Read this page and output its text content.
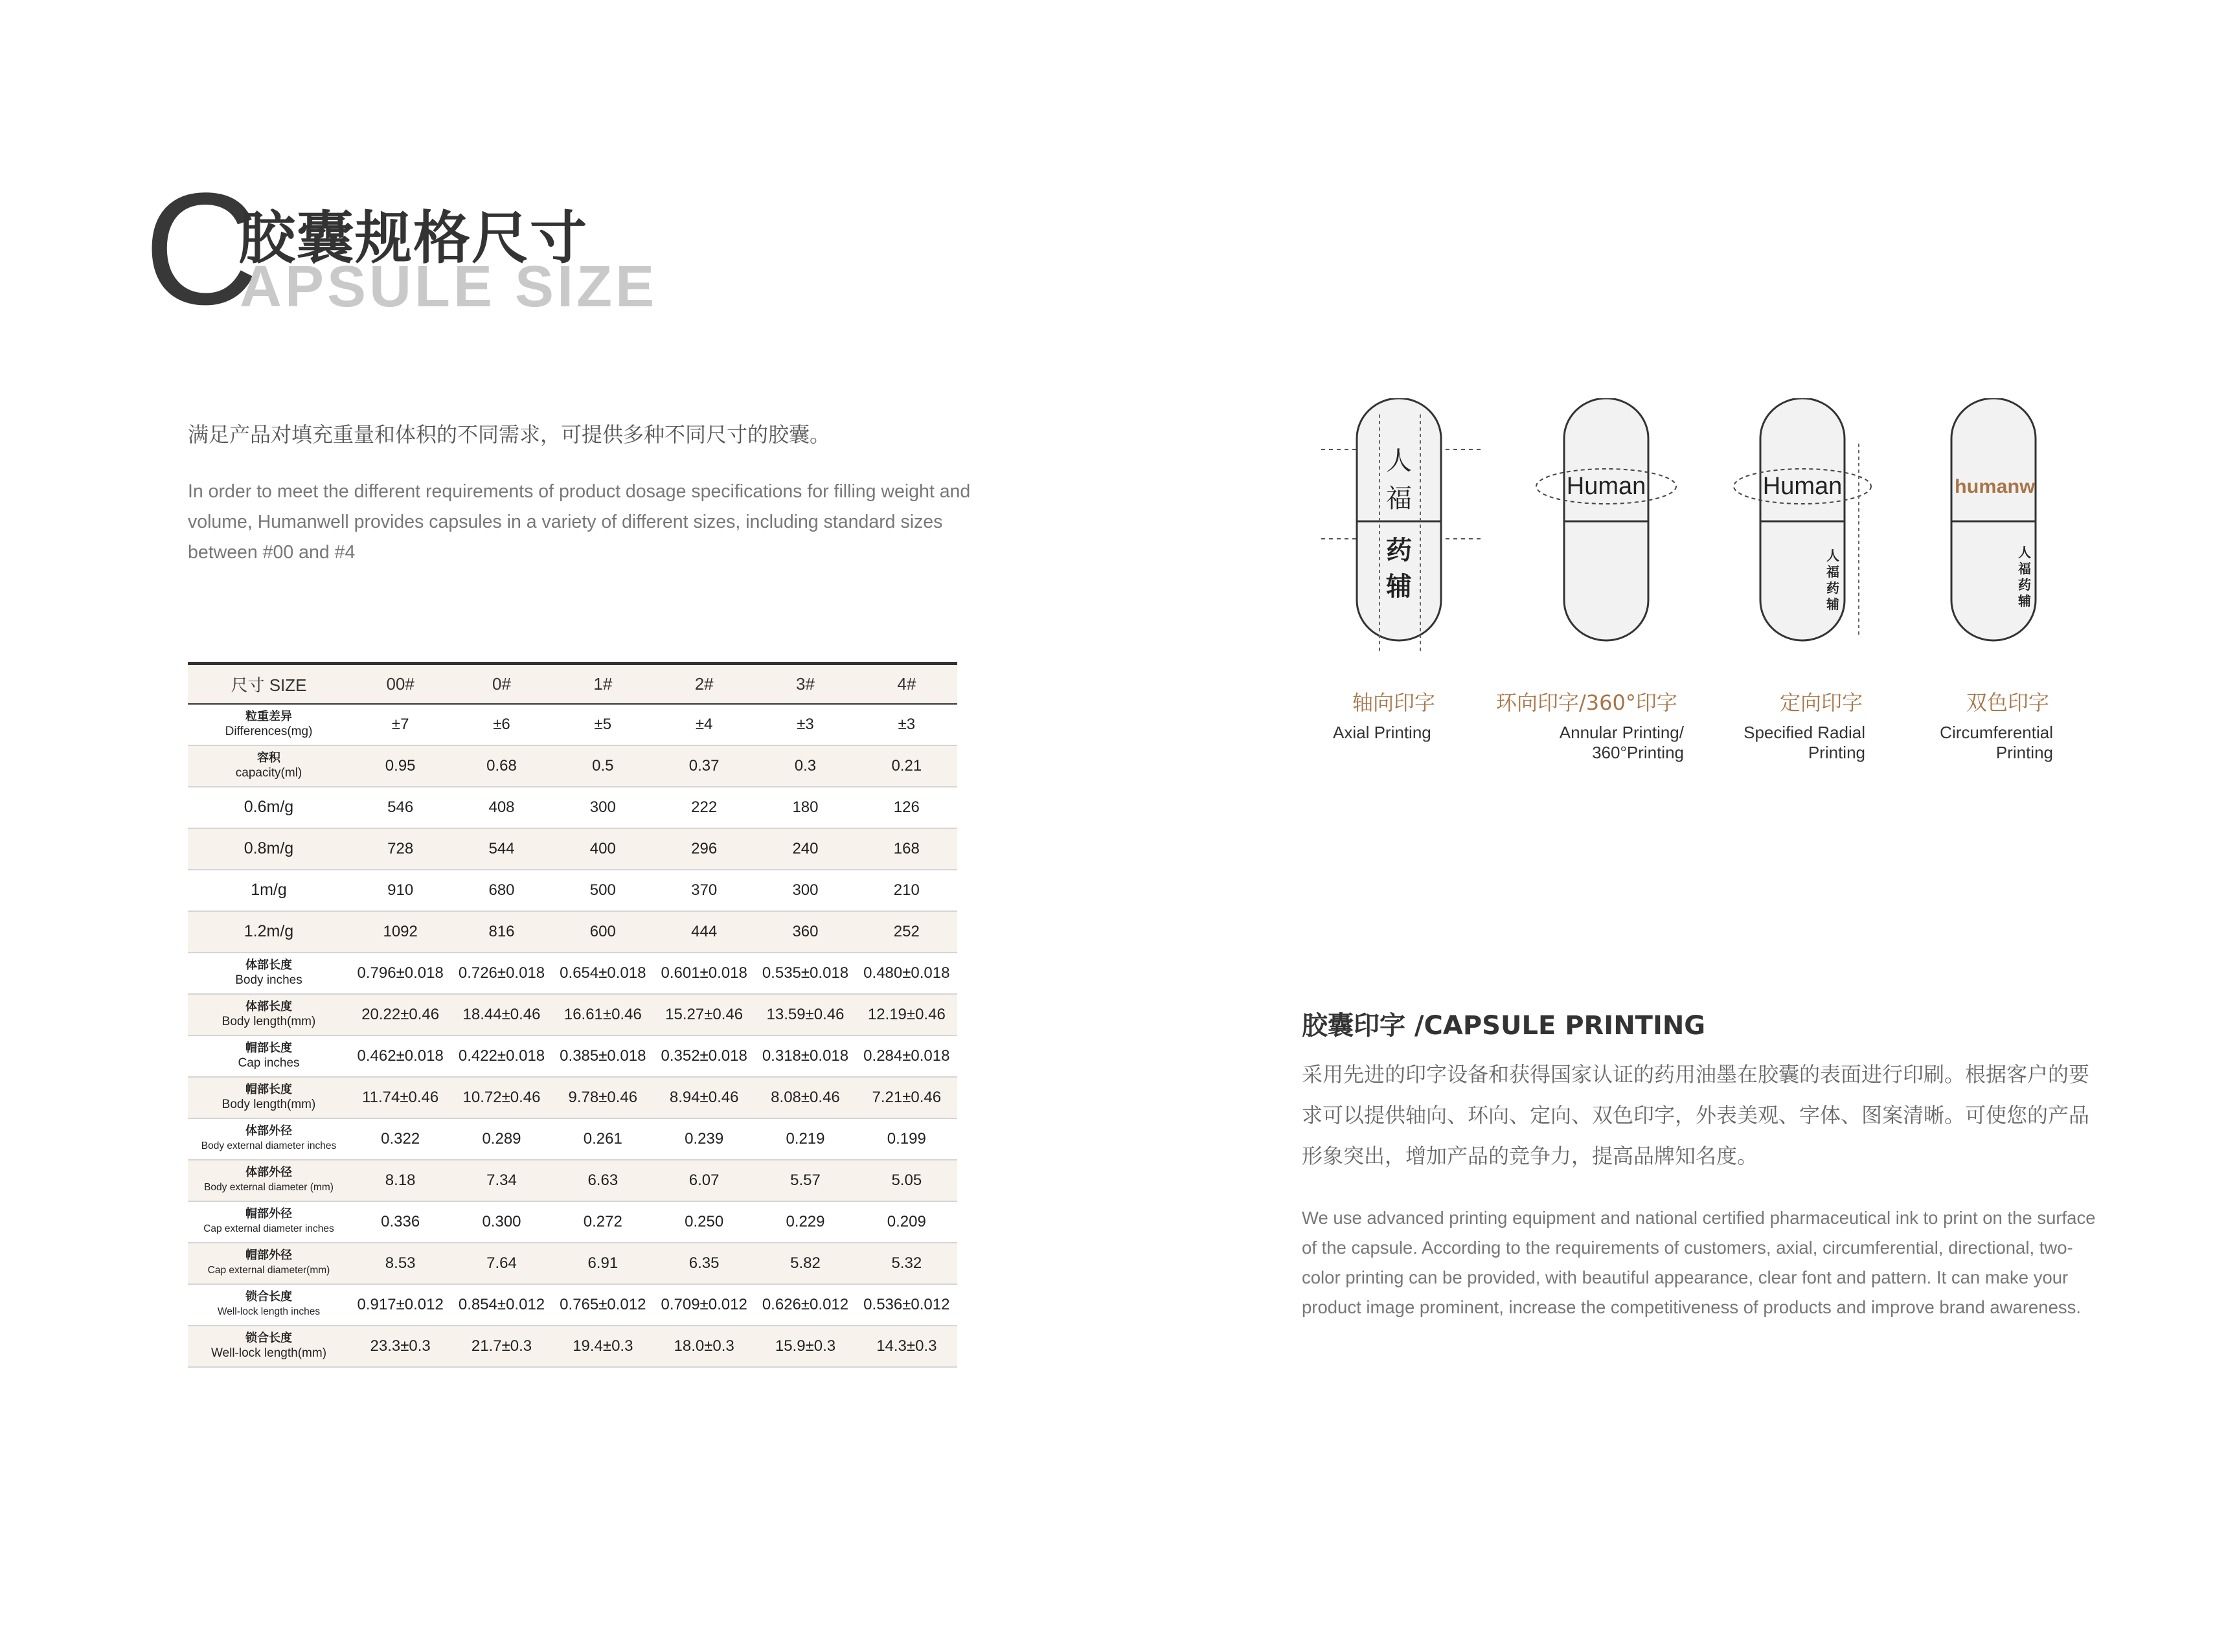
C
胶囊规格尺寸
APSULE SIZE
满足产品对填充重量和体积的不同需求，可提供多种不同尺寸的胶囊。
In order to meet the different requirements of product dosage specifications for filling weight and volume, Humanwell provides capsules in a variety of different sizes, including standard sizes between #00 and #4
尺寸 SIZE	00#	0#	1#	2#	3#	4#

粒重差异
Differences(mg)	±7	±6	±5	±4	±3	±3

容积
capacity(ml)	0.95	0.68	0.5	0.37	0.3	0.21
0.6m/g	546	408	300	222	180	126
0.8m/g	728	544	400	296	240	168
1m/g	910	680	500	370	300	210
1.2m/g	1092	816	600	444	360	252

体部长度
Body inches	0.796±0.018	0.726±0.018	0.654±0.018	0.601±0.018	0.535±0.018	0.480±0.018

体部长度
Body length(mm)	20.22±0.46	18.44±0.46	16.61±0.46	15.27±0.46	13.59±0.46	12.19±0.46

帽部长度
Cap inches	0.462±0.018	0.422±0.018	0.385±0.018	0.352±0.018	0.318±0.018	0.284±0.018

帽部长度
Body length(mm)	11.74±0.46	10.72±0.46	9.78±0.46	8.94±0.46	8.08±0.46	7.21±0.46

体部外径
Body external diameter inches	0.322	0.289	0.261	0.239	0.219	0.199

体部外径
Body external diameter (mm)	8.18	7.34	6.63	6.07	5.57	5.05

帽部外径
Cap external diameter inches	0.336	0.300	0.272	0.250	0.229	0.209

帽部外径
Cap external diameter(mm)	8.53	7.64	6.91	6.35	5.82	5.32

锁合长度
Well-lock length inches	0.917±0.012	0.854±0.012	0.765±0.012	0.709±0.012	0.626±0.012	0.536±0.012

锁合长度
Well-lock length(mm)	23.3±0.3	21.7±0.3	19.4±0.3	18.0±0.3	15.9±0.3	14.3±0.3
人
福
药
辅
Human	Human
人
福
药
辅
humanw
人
福
药
辅
轴向印字
Axial Printing
环向印字/360°印字
Annular Printing/
360°Printing
定向印字
Specified Radial
Printing
双色印字
Circumferential
Printing
胶囊印字 /CAPSULE PRINTING
采用先进的印字设备和获得国家认证的药用油墨在胶囊的表面进行印刷。根据客户的要求可以提供轴向、环向、定向、双色印字，外表美观、字体、图案清晰。可使您的产品形象突出，增加产品的竞争力，提高品牌知名度。
We use advanced printing equipment and national certified pharmaceutical ink to print on the surface of the capsule. According to the requirements of customers, axial, circumferential, directional, two-color printing can be provided, with beautiful appearance, clear font and pattern. It can make your product image prominent, increase the competitiveness of products and improve brand awareness.
